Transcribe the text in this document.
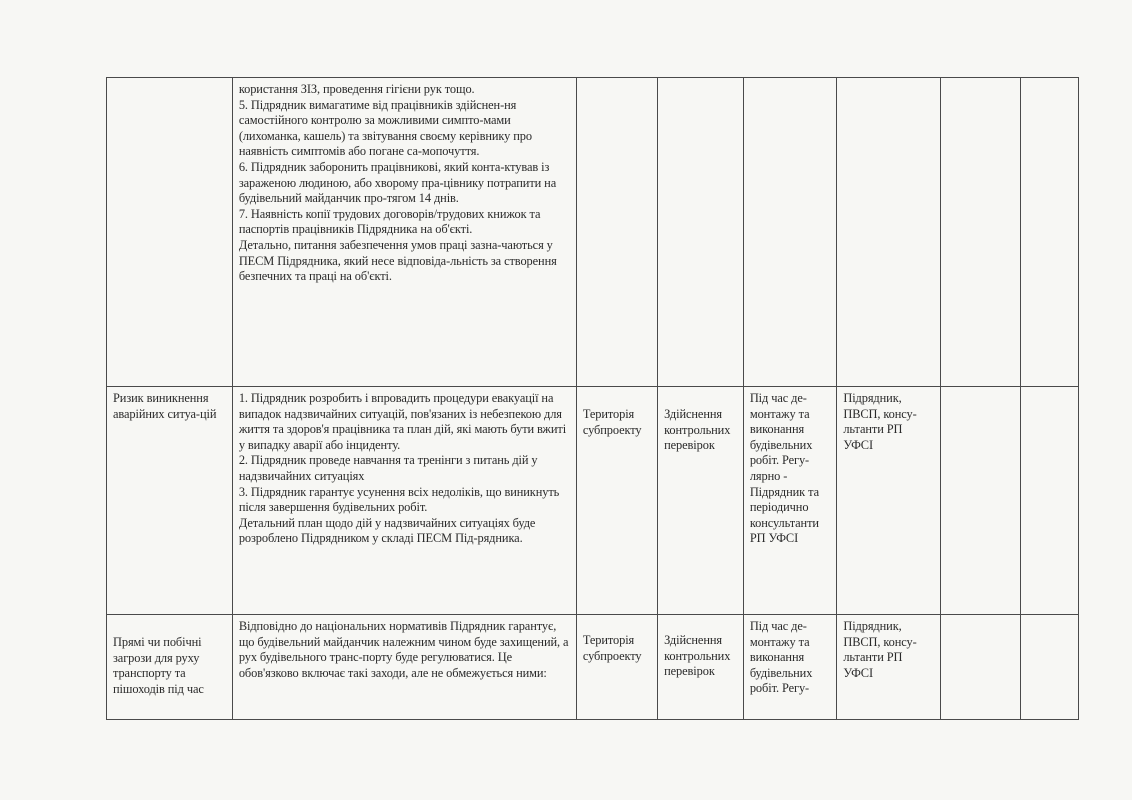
	користання ЗІЗ, проведення гігієни рук тощо.
5. Підрядник вимагатиме від працівників здійснен-ня самостійного контролю за можливими симпто-мами (лихоманка, кашель) та звітування своєму керівнику про наявність симптомів або погане са-мопочуття.
6. Підрядник заборонить працівникові, який конта-ктував із зараженою людиною, або хворому пра-цівнику потрапити на будівельний майданчик про-тягом 14 днів.
7. Наявність копії трудових договорів/трудових книжок та паспортів працівників Підрядника на об'єкті.
Детально, питання забезпечення умов праці зазна-чаються у ПЕСМ Підрядника, який несе відповіда-льність за створення безпечних та праці на об'єкті.						

Ризик виникнення аварійних ситуа-цій	1. Підрядник розробить і впровадить процедури евакуації на випадок надзвичайних ситуацій, пов'язаних із небезпекою для життя та здоров'я працівника та план дій, які мають бути вжиті у випадку аварії або інциденту.
2. Підрядник проведе навчання та тренінги з питань дій у надзвичайних ситуаціях
3. Підрядник гарантує усунення всіх недоліків, що виникнуть після завершення будівельних робіт.
Детальний план щодо дій у надзвичайних ситуаціях буде розроблено Підрядником у складі ПЕСМ Під-рядника.	Територія субпроекту	Здійснення контрольних перевірок	Під час де-монтажу та виконання будівельних робіт. Регу-лярно - Підрядник та періодично консультанти РП УФСІ	Підрядник, ПВСП, консу-льтанти РП УФСІ		
Прямі чи побічні загрози для руху транспорту та пішоходів під час	Відповідно до національних нормативів Підрядник гарантує, що будівельний майданчик належним чином буде захищений, а рух будівельного транс-порту буде регулюватися. Це обов'язково включає такі заходи, але не обмежується ними:	Територія субпроекту	Здійснення контрольних перевірок	Під час де-монтажу та виконання будівельних робіт. Регу-	Підрядник, ПВСП, консу-льтанти РП УФСІ		
